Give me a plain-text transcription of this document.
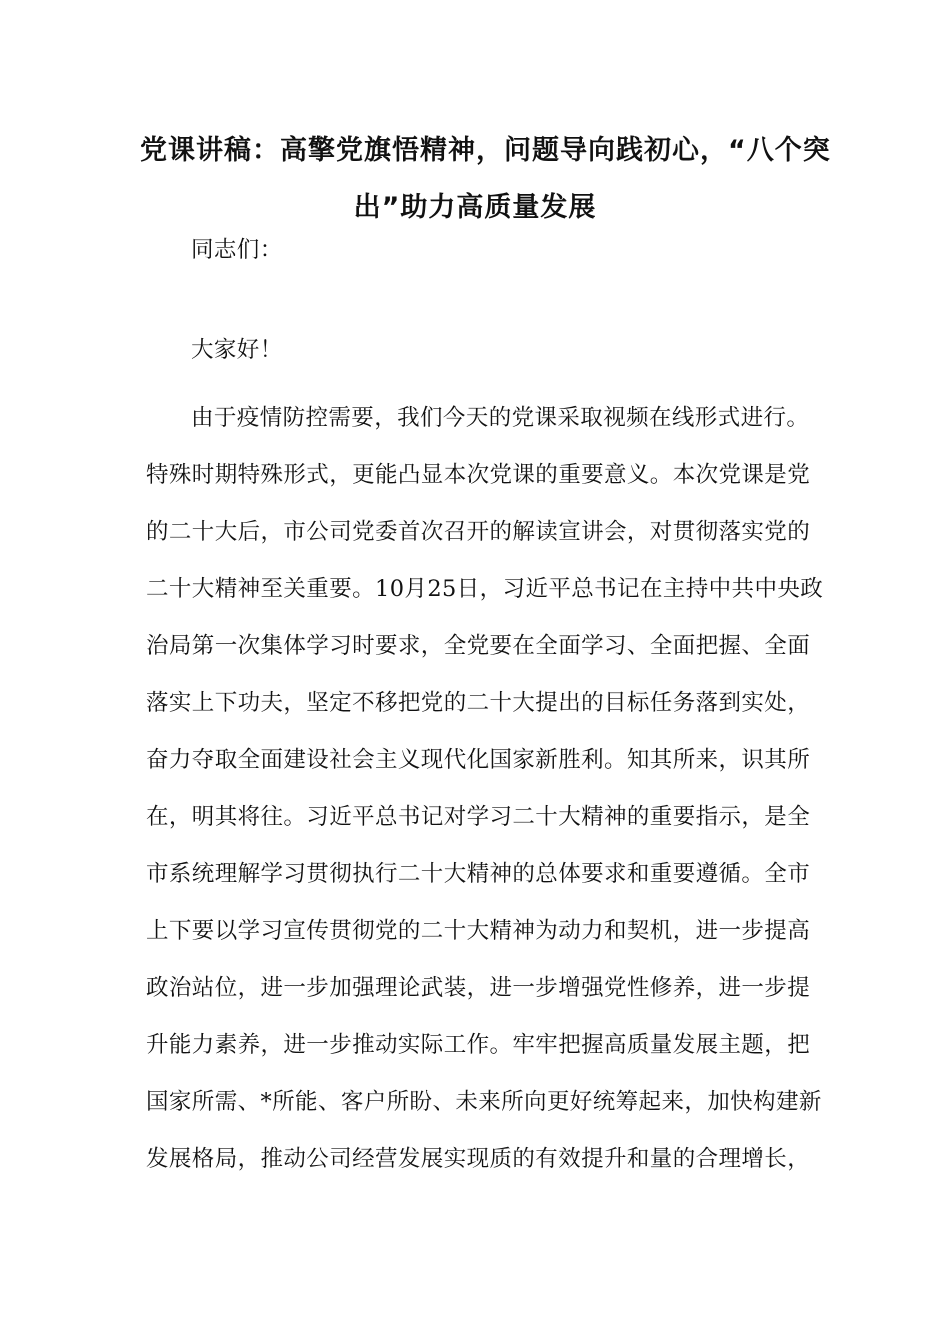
党课讲稿：高擎党旗悟精神，问题导向践初心，“八个突
出”助力高质量发展

同志们：

大家好！

由于疫情防控需要，我们今天的党课采取视频在线形式进行。
特殊时期特殊形式，更能凸显本次党课的重要意义。本次党课是党
的二十大后，市公司党委首次召开的解读宣讲会，对贯彻落实党的
二十大精神至关重要。10月25日，习近平总书记在主持中共中央政
治局第一次集体学习时要求，全党要在全面学习、全面把握、全面
落实上下功夫，坚定不移把党的二十大提出的目标任务落到实处，
奋力夺取全面建设社会主义现代化国家新胜利。知其所来，识其所
在，明其将往。习近平总书记对学习二十大精神的重要指示，是全
市系统理解学习贯彻执行二十大精神的总体要求和重要遵循。全市
上下要以学习宣传贯彻党的二十大精神为动力和契机，进一步提高
政治站位，进一步加强理论武装，进一步增强党性修养，进一步提
升能力素养，进一步推动实际工作。牢牢把握高质量发展主题，把
国家所需、*所能、客户所盼、未来所向更好统筹起来，加快构建新
发展格局，推动公司经营发展实现质的有效提升和量的合理增长，
